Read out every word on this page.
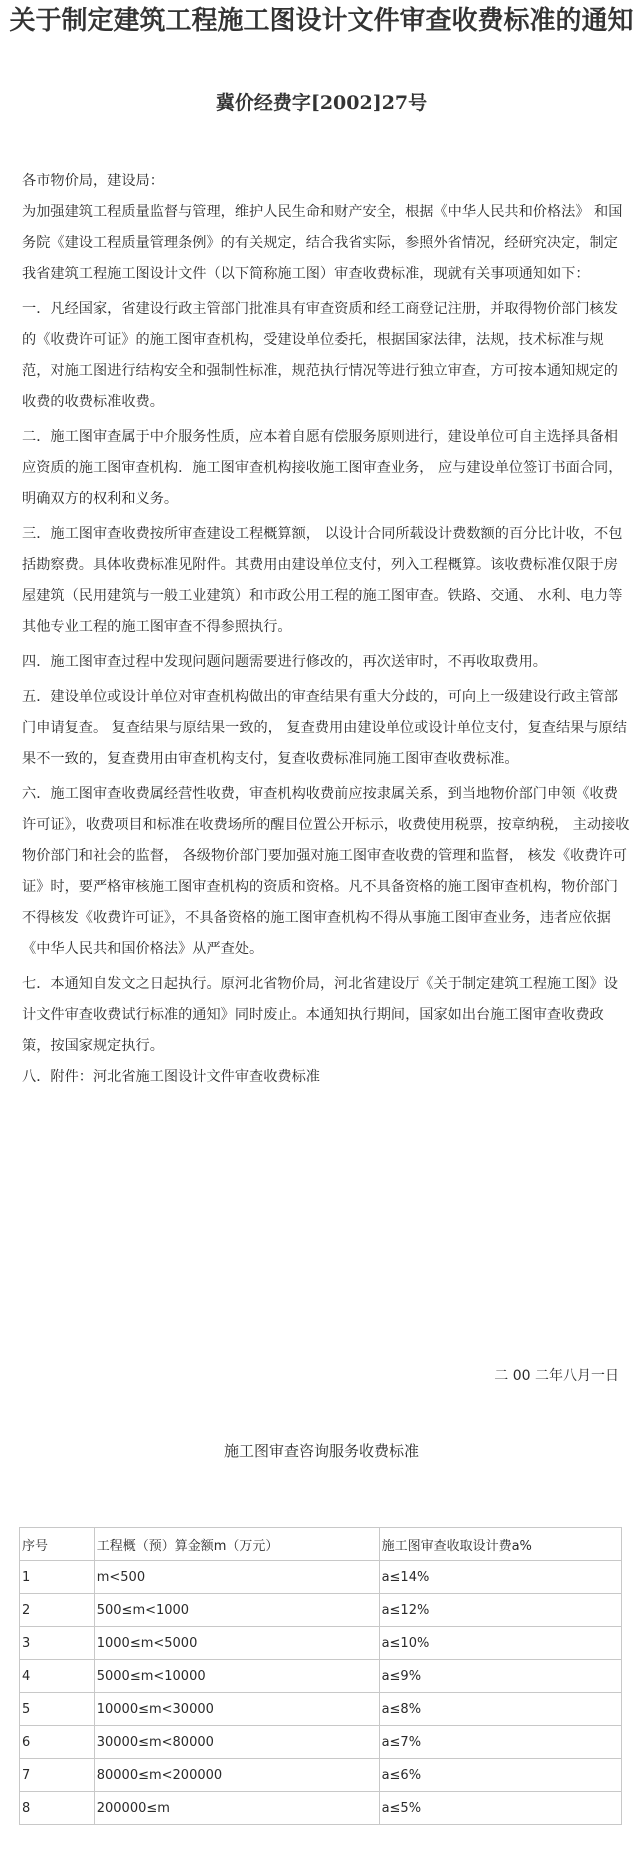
关于制定建筑工程施工图设计文件审查收费标准的通知
冀价经费字[2002]27号

各市物价局，建设局：

为加强建筑工程质量监督与管理，维护人民生命和财产安全，根据《中华人民共和价格法》 和国务院《建设工程质量管理条例》的有关规定，结合我省实际，参照外省情况，经研究决定，制定我省建筑工程施工图设计文件（以下简称施工图）审查收费标准，现就有关事项通知如下：

一．凡经国家，省建设行政主管部门批准具有审查资质和经工商登记注册，并取得物价部门核发的《收费许可证》的施工图审查机构，受建设单位委托，根据国家法律，法规，技术标准与规范，对施工图进行结构安全和强制性标准，规范执行情况等进行独立审查，方可按本通知规定的收费的收费标准收费。

二．施工图审查属于中介服务性质，应本着自愿有偿服务原则进行，建设单位可自主选择具备相应资质的施工图审查机构．施工图审查机构接收施工图审查业务， 应与建设单位签订书面合同，明确双方的权利和义务。

三．施工图审查收费按所审查建设工程概算额， 以设计合同所载设计费数额的百分比计收，不包括勘察费。具体收费标准见附件。其费用由建设单位支付，列入工程概算。该收费标准仅限于房屋建筑（民用建筑与一般工业建筑）和市政公用工程的施工图审查。铁路、交通、 水利、电力等其他专业工程的施工图审查不得参照执行。

四．施工图审查过程中发现问题问题需要进行修改的，再次送审时，不再收取费用。

五．建设单位或设计单位对审查机构做出的审查结果有重大分歧的，可向上一级建设行政主管部门申请复查。 复查结果与原结果一致的， 复查费用由建设单位或设计单位支付，复查结果与原结果不一致的，复查费用由审查机构支付，复查收费标准同施工图审查收费标准。

六．施工图审查收费属经营性收费，审查机构收费前应按隶属关系，到当地物价部门申领《收费许可证》，收费项目和标准在收费场所的醒目位置公开标示，收费使用税票，按章纳税， 主动接收物价部门和社会的监督， 各级物价部门要加强对施工图审查收费的管理和监督， 核发《收费许可证》时，要严格审核施工图审查机构的资质和资格。凡不具备资格的施工图审查机构，物价部门不得核发《收费许可证》，不具备资格的施工图审查机构不得从事施工图审查业务，违者应依据《中华人民共和国价格法》从严查处。

七．本通知自发文之日起执行。原河北省物价局，河北省建设厅《关于制定建筑工程施工图》设计文件审查收费试行标准的通知》同时废止。本通知执行期间，国家如出台施工图审查收费政策，按国家规定执行。

八．附件：河北省施工图设计文件审查收费标准

二 00 二年八月一日
施工图审查咨询服务收费标准
序号	工程概（预）算金额m（万元）	施工图审查收取设计费a%
1	m<500	a≤14%
2	500≤m<1000	a≤12%
3	1000≤m<5000	a≤10%
4	5000≤m<10000	a≤9%
5	10000≤m<30000	a≤8%
6	30000≤m<80000	a≤7%
7	80000≤m<200000	a≤6%
8	200000≤m	a≤5%
